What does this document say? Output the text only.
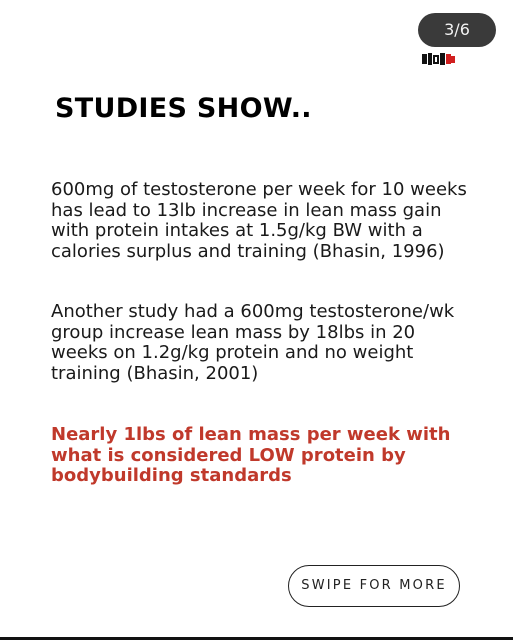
3/6
STUDIES SHOW..

600mg of testosterone per week for 10 weeks has lead to 13lb increase in lean mass gain with protein intakes at 1.5g/kg BW with a calories surplus and training (Bhasin, 1996)

Another study had a 600mg testosterone/wk group increase lean mass by 18lbs in 20 weeks on 1.2g/kg protein and no weight training (Bhasin, 2001)

Nearly 1lbs of lean mass per week with what is considered LOW protein by bodybuilding standards

SWIPE FOR MORE
